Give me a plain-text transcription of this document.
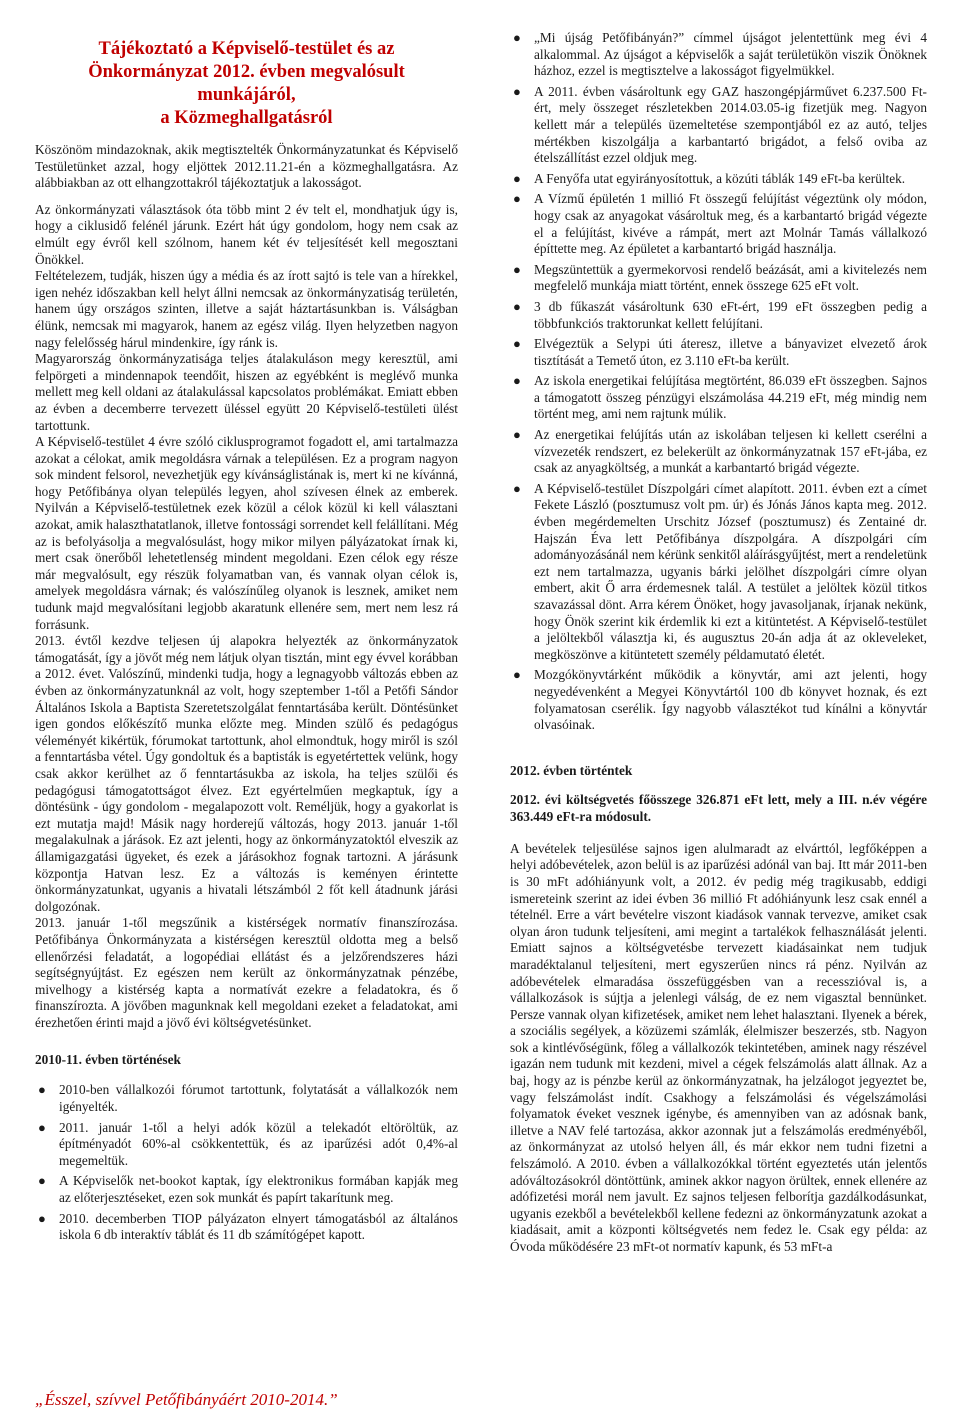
Tájékoztató a Képviselő-testület és az
Önkormányzat 2012. évben megvalósult
munkájáról,
a Közmeghallgatásról

Köszönöm mindazoknak, akik megtisztelték Önkormányzatunkat és Képviselő Testületünket azzal, hogy eljöttek 2012.11.21-én a közmeghallgatásra. Az alábbiakban az ott elhangzottakról tájékoztatjuk a lakosságot.

Az önkormányzati választások óta több mint 2 év telt el, mondhatjuk úgy is, hogy a ciklusidő felénél járunk. Ezért hát úgy gondolom, hogy nem csak az elmúlt egy évről kell szólnom, hanem két év teljesítését kell megosztani Önökkel.

Feltételezem, tudják, hiszen úgy a média és az írott sajtó is tele van a hírekkel, igen nehéz időszakban kell helyt állni nemcsak az önkormányzatiság területén, hanem úgy országos szinten, illetve a saját háztartásunkban is. Válságban élünk, nemcsak mi magyarok, hanem az egész világ. Ilyen helyzetben nagyon nagy felelősség hárul mindenkire, így ránk is.

Magyarország önkormányzatisága teljes átalakuláson megy keresztül, ami felpörgeti a mindennapok teendőit, hiszen az egyébként is meglévő munka mellett meg kell oldani az átalakulással kapcsolatos problémákat. Emiatt ebben az évben a decemberre tervezett üléssel együtt 20 Képviselő-testületi ülést tartottunk.

A Képviselő-testület 4 évre szóló ciklusprogramot fogadott el, ami tartalmazza azokat a célokat, amik megoldásra várnak a településen. Ez a program nagyon sok mindent felsorol, nevezhetjük egy kívánságlistának is, mert ki ne kívánná, hogy Petőfibánya olyan település legyen, ahol szívesen élnek az emberek. Nyilván a Képviselő-testületnek ezek közül a célok közül ki kell választani azokat, amik halaszthatatlanok, illetve fontossági sorrendet kell felállítani. Még az is befolyásolja a megvalósulást, hogy mikor milyen pályázatokat írnak ki, mert csak önerőből lehetetlenség mindent megoldani. Ezen célok egy része már megvalósult, egy részük folyamatban van, és vannak olyan célok is, amelyek megoldásra várnak; és valószínűleg olyanok is lesznek, amiket nem tudunk majd megvalósítani legjobb akaratunk ellenére sem, mert nem lesz rá forrásunk.

2013. évtől kezdve teljesen új alapokra helyezték az önkormányzatok támogatását, így a jövőt még nem látjuk olyan tisztán, mint egy évvel korábban a 2012. évet. Valószínű, mindenki tudja, hogy a legnagyobb változás ebben az évben az önkormányzatunknál az volt, hogy szeptember 1-től a Petőfi Sándor Általános Iskola a Baptista Szeretetszolgálat fenntartásába került. Döntésünket igen gondos előkészítő munka előzte meg. Minden szülő és pedagógus véleményét kikértük, fórumokat tartottunk, ahol elmondtuk, hogy miről is szól a fenntartásba vétel. Úgy gondoltuk és a baptisták is egyetértettek velünk, hogy csak akkor kerülhet az ő fenntartásukba az iskola, ha teljes szülői és pedagógusi támogatottságot élvez. Ezt egyértelműen megkaptuk, így a döntésünk - úgy gondolom - megalapozott volt. Reméljük, hogy a gyakorlat is ezt mutatja majd! Másik nagy horderejű változás, hogy 2013. január 1-től megalakulnak a járások. Ez azt jelenti, hogy az önkormányzatoktól elveszik az államigazgatási ügyeket, és ezek a járásokhoz fognak tartozni. A járásunk központja Hatvan lesz. Ez a változás is keményen érintette önkormányzatunkat, ugyanis a hivatali létszámból 2 főt kell átadnunk járási dolgozónak.

2013. január 1-től megszűnik a kistérségek normatív finanszírozása. Petőfibánya Önkormányzata a kistérségen keresztül oldotta meg a belső ellenőrzési feladatát, a logopédiai ellátást és a jelzőrendszeres házi segítségnyújtást. Ez egészen nem került az önkormányzatnak pénzébe, mivelhogy a kistérség kapta a normatívát ezekre a feladatokra, és ő finanszírozta. A jövőben magunknak kell megoldani ezeket a feladatokat, ami érezhetően érinti majd a jövő évi költségvetésünket.

2010-11. évben történések
● 2010-ben vállalkozói fórumot tartottunk, folytatását a vállalkozók nem igényelték.
● 2011. január 1-től a helyi adók közül a telekadót eltöröltük, az építményadót 60%-al csökkentettük, és az iparűzési adót 0,4%-al megemeltük.
● A Képviselők net-bookot kaptak, így elektronikus formában kapják meg az előterjesztéseket, ezen sok munkát és papírt takarítunk meg.
● 2010. decemberben TIOP pályázaton elnyert támogatásból az általános iskola 6 db interaktív táblát és 11 db számítógépet kapott.
● „Mi újság Petőfibányán?” címmel újságot jelentettünk meg évi 4 alkalommal. Az újságot a képviselők a saját területükön viszik Önöknek házhoz, ezzel is megtisztelve a lakosságot figyelmükkel.
● A 2011. évben vásároltunk egy GAZ haszongépjárművet 6.237.500 Ft-ért, mely összeget részletekben 2014.03.05-ig fizetjük meg. Nagyon kellett már a település üzemeltetése szempontjából ez az autó, teljes mértékben kiszolgálja a karbantartó brigádot, a felső oviba az ételszállítást ezzel oldjuk meg.
● A Fenyőfa utat egyirányosítottuk, a közúti táblák 149 eFt-ba kerültek.
● A Vízmű épületén 1 millió Ft összegű felújítást végeztünk oly módon, hogy csak az anyagokat vásároltuk meg, és a karbantartó brigád végezte el a felújítást, kivéve a rámpát, mert azt Molnár Tamás vállalkozó építtette meg. Az épületet a karbantartó brigád használja.
● Megszüntettük a gyermekorvosi rendelő beázását, ami a kivitelezés nem megfelelő munkája miatt történt, ennek összege 625 eFt volt.
● 3 db fűkaszát vásároltunk 630 eFt-ért, 199 eFt összegben pedig a többfunkciós traktorunkat kellett felújítani.
● Elvégeztük a Selypi úti áteresz, illetve a bányavizet elvezető árok tisztítását a Temető úton, ez 3.110 eFt-ba került.
● Az iskola energetikai felújítása megtörtént, 86.039 eFt összegben. Sajnos a támogatott összeg pénzügyi elszámolása 44.219 eFt, még mindig nem történt meg, ami nem rajtunk múlik.
● Az energetikai felújítás után az iskolában teljesen ki kellett cserélni a vízvezeték rendszert, ez belekerült az önkormányzatnak 157 eFt-jába, ez csak az anyagköltség, a munkát a karbantartó brigád végezte.
● A Képviselő-testület Díszpolgári címet alapított. 2011. évben ezt a címet Fekete László (posztumusz volt pm. úr) és Jónás János kapta meg. 2012. évben megérdemelten Urschitz József (posztumusz) és Zentainé dr. Hajszán Éva lett Petőfibánya díszpolgára. A díszpolgári cím adományozásánál nem kérünk senkitől aláírásgyűjtést, mert a rendeletünk ezt nem tartalmazza, ugyanis bárki jelölhet díszpolgári címre olyan embert, akit Ő arra érdemesnek talál. A testület a jelöltek közül titkos szavazással dönt. Arra kérem Önöket, hogy javasoljanak, írjanak nekünk, hogy Önök szerint kik érdemlik ki ezt a kitüntetést. A Képviselő-testület a jelöltekből választja ki, és augusztus 20-án adja át az okleveleket, megköszönve a kitüntetett személy példamutató életét.
● Mozgókönyvtárként működik a könyvtár, ami azt jelenti, hogy negyedévenként a Megyei Könyvtártól 100 db könyvet hoznak, és ezt folyamatosan cserélik. Így nagyobb választékot tud kínálni a könyvtár olvasóinak.
2012. évben történtek
2012. évi költségvetés főösszege 326.871 eFt lett, mely a III. n.év végére 363.449 eFt-ra módosult.

A bevételek teljesülése sajnos igen alulmaradt az elvárttól, legfőképpen a helyi adóbevételek, azon belül is az iparűzési adónál van baj. Itt már 2011-ben is 30 mFt adóhiányunk volt, a 2012. év pedig még tragikusabb, eddigi ismereteink szerint az idei évben 36 millió Ft adóhiányunk lesz csak ennél a tételnél. Erre a várt bevételre viszont kiadások vannak tervezve, amiket csak olyan áron tudunk teljesíteni, ami megint a tartalékok felhasználását jelenti. Emiatt sajnos a költségvetésbe tervezett kiadásainkat nem tudjuk maradéktalanul teljesíteni, mert egyszerűen nincs rá pénz. Nyilván az adóbevételek elmaradása összefüggésben van a recesszióval is, a vállalkozások is sújtja a jelenlegi válság, de ez nem vigasztal bennünket. Persze vannak olyan kifizetések, amiket nem lehet halasztani. Ilyenek a bérek, a szociális segélyek, a közüzemi számlák, élelmiszer beszerzés, stb. Nagyon sok a kintlévőségünk, főleg a vállalkozók tekintetében, aminek nagy részével igazán nem tudunk mit kezdeni, mivel a cégek felszámolás alatt állnak. Az a baj, hogy az is pénzbe kerül az önkormányzatnak, ha jelzálogot jegyeztet be, vagy felszámolást indít. Csakhogy a felszámolási és végelszámolási folyamatok éveket vesznek igénybe, és amennyiben van az adósnak bank, illetve a NAV felé tartozása, akkor azonnak jut a felszámolás eredményéből, az önkormányzat az utolsó helyen áll, és már ekkor nem tudni fizetni a felszámoló. A 2010. évben a vállalkozókkal történt egyeztetés után jelentős adóváltozásokról döntöttünk, aminek akkor nagyon örültek, ennek ellenére az adófizetési morál nem javult. Ez sajnos teljesen felborítja gazdálkodásunkat, ugyanis ezekből a bevételekből kellene fedezni az önkormányzatunk azokat a kiadásait, amit a központi költségvetés nem fedez le. Csak egy példa: az Óvoda működésére 23 mFt-ot normatív kapunk, és 53 mFt-a

„Ésszel, szívvel Petőfibányáért 2010-2014.”
